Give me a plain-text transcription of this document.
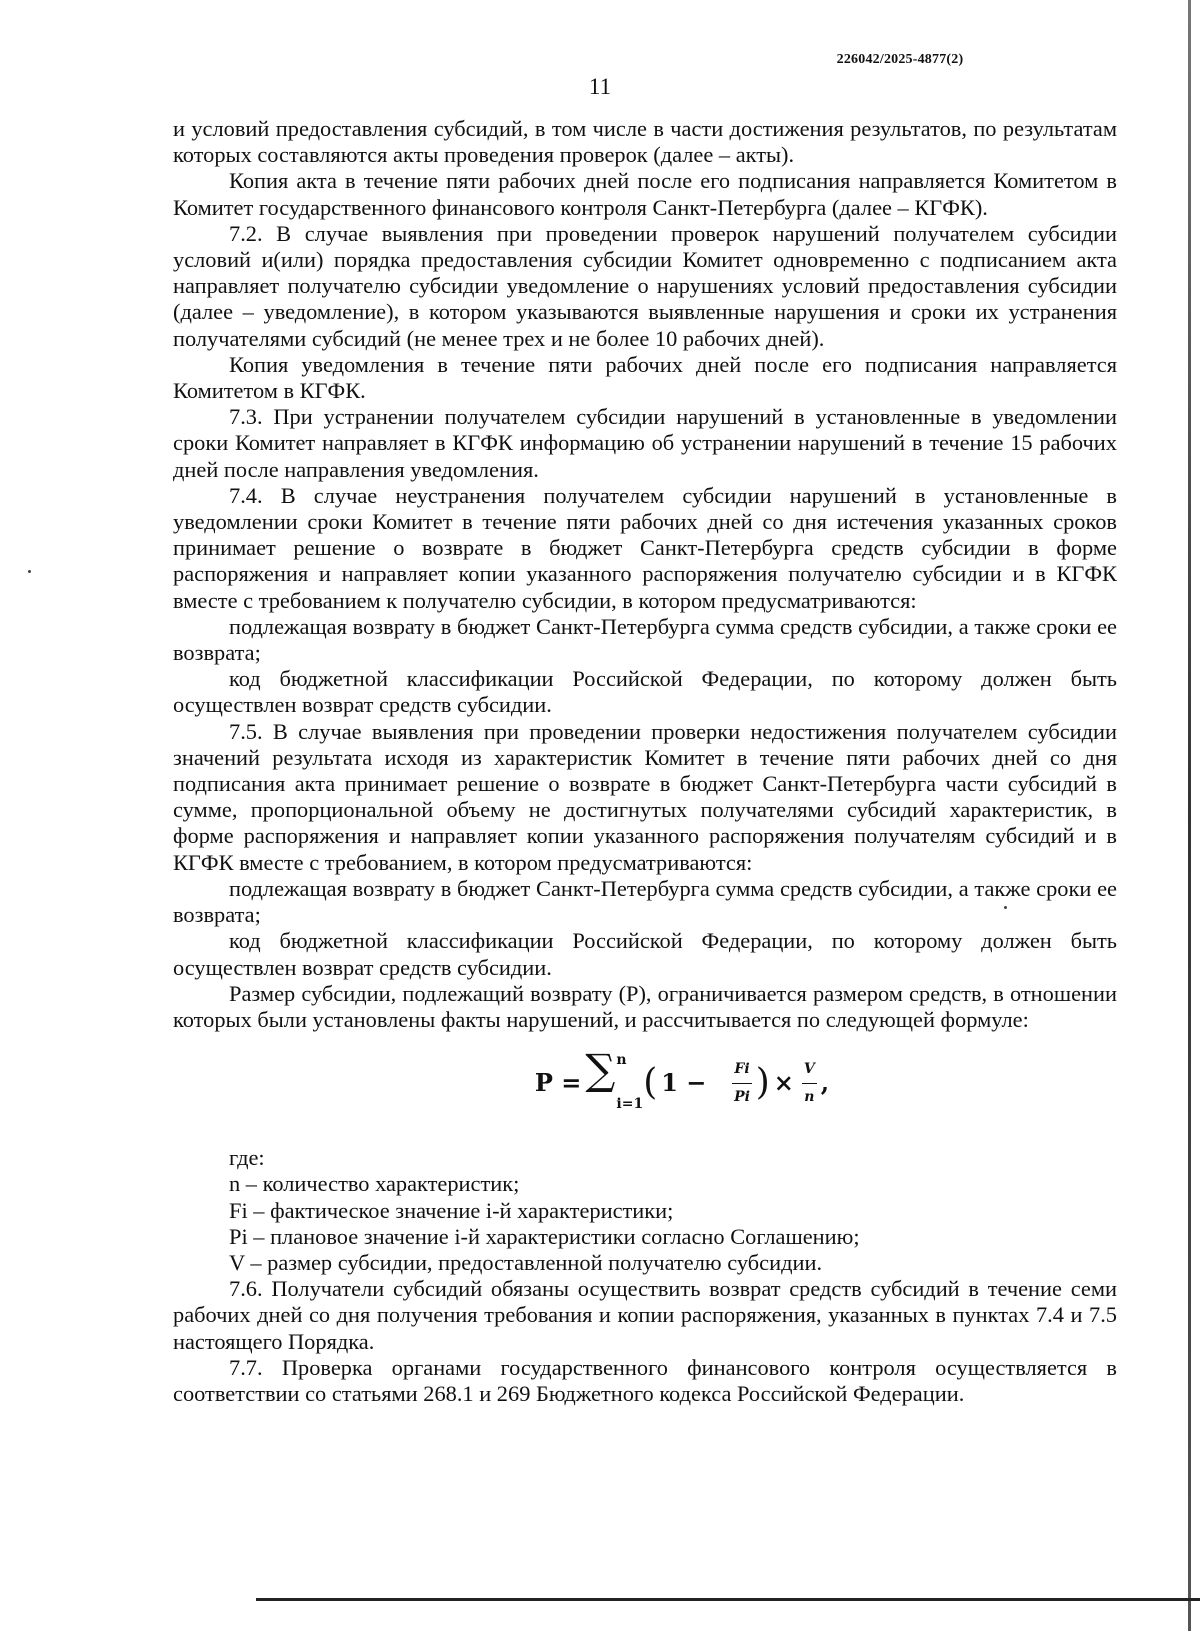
226042/2025-4877(2)
11

и условий предоставления субсидий, в том числе в части достижения результатов, по результатам которых составляются акты проведения проверок (далее – акты).

Копия акта в течение пяти рабочих дней после его подписания направляется Комитетом в Комитет государственного финансового контроля Санкт-Петербурга (далее – КГФК).

7.2. В случае выявления при проведении проверок нарушений получателем субсидии условий и(или) порядка предоставления субсидии Комитет одновременно с подписанием акта направляет получателю субсидии уведомление о нарушениях условий предоставления субсидии (далее – уведомление), в котором указываются выявленные нарушения и сроки их устранения получателями субсидий (не менее трех и не более 10 рабочих дней).

Копия уведомления в течение пяти рабочих дней после его подписания направляется Комитетом в КГФК.

7.3. При устранении получателем субсидии нарушений в установленные в уведомлении сроки Комитет направляет в КГФК информацию об устранении нарушений в течение 15 рабочих дней после направления уведомления.

7.4. В случае неустранения получателем субсидии нарушений в установленные в уведомлении сроки Комитет в течение пяти рабочих дней со дня истечения указанных сроков принимает решение о возврате в бюджет Санкт-Петербурга средств субсидии в форме распоряжения и направляет копии указанного распоряжения получателю субсидии и в КГФК вместе с требованием к получателю субсидии, в котором предусматриваются:

подлежащая возврату в бюджет Санкт-Петербурга сумма средств субсидии, а также сроки ее возврата;

код бюджетной классификации Российской Федерации, по которому должен быть осуществлен возврат средств субсидии.

7.5. В случае выявления при проведении проверки недостижения получателем субсидии значений результата исходя из характеристик Комитет в течение пяти рабочих дней со дня подписания акта принимает решение о возврате в бюджет Санкт-Петербурга части субсидий в сумме, пропорциональной объему не достигнутых получателями субсидий характеристик, в форме распоряжения и направляет копии указанного распоряжения получателям субсидий и в КГФК вместе с требованием, в котором предусматриваются:

подлежащая возврату в бюджет Санкт-Петербурга сумма средств субсидии, а также сроки ее возврата;

код бюджетной классификации Российской Федерации, по которому должен быть осуществлен возврат средств субсидии.

Размер субсидии, подлежащий возврату (Р), ограничивается размером средств, в отношении которых были установлены факты нарушений, и рассчитывается по следующей формуле:

P = ∑ n
i=1
( $1 - \frac{Fi}{Pi}$ ) × $\frac{V}{n}$ ,

где:

n – количество характеристик;

Fi – фактическое значение i-й характеристики;

Pi – плановое значение i-й характеристики согласно Соглашению;

V – размер субсидии, предоставленной получателю субсидии.

7.6. Получатели субсидий обязаны осуществить возврат средств субсидий в течение семи рабочих дней со дня получения требования и копии распоряжения, указанных в пунктах 7.4 и 7.5 настоящего Порядка.

7.7. Проверка органами государственного финансового контроля осуществляется в соответствии со статьями 268.1 и 269 Бюджетного кодекса Российской Федерации.
